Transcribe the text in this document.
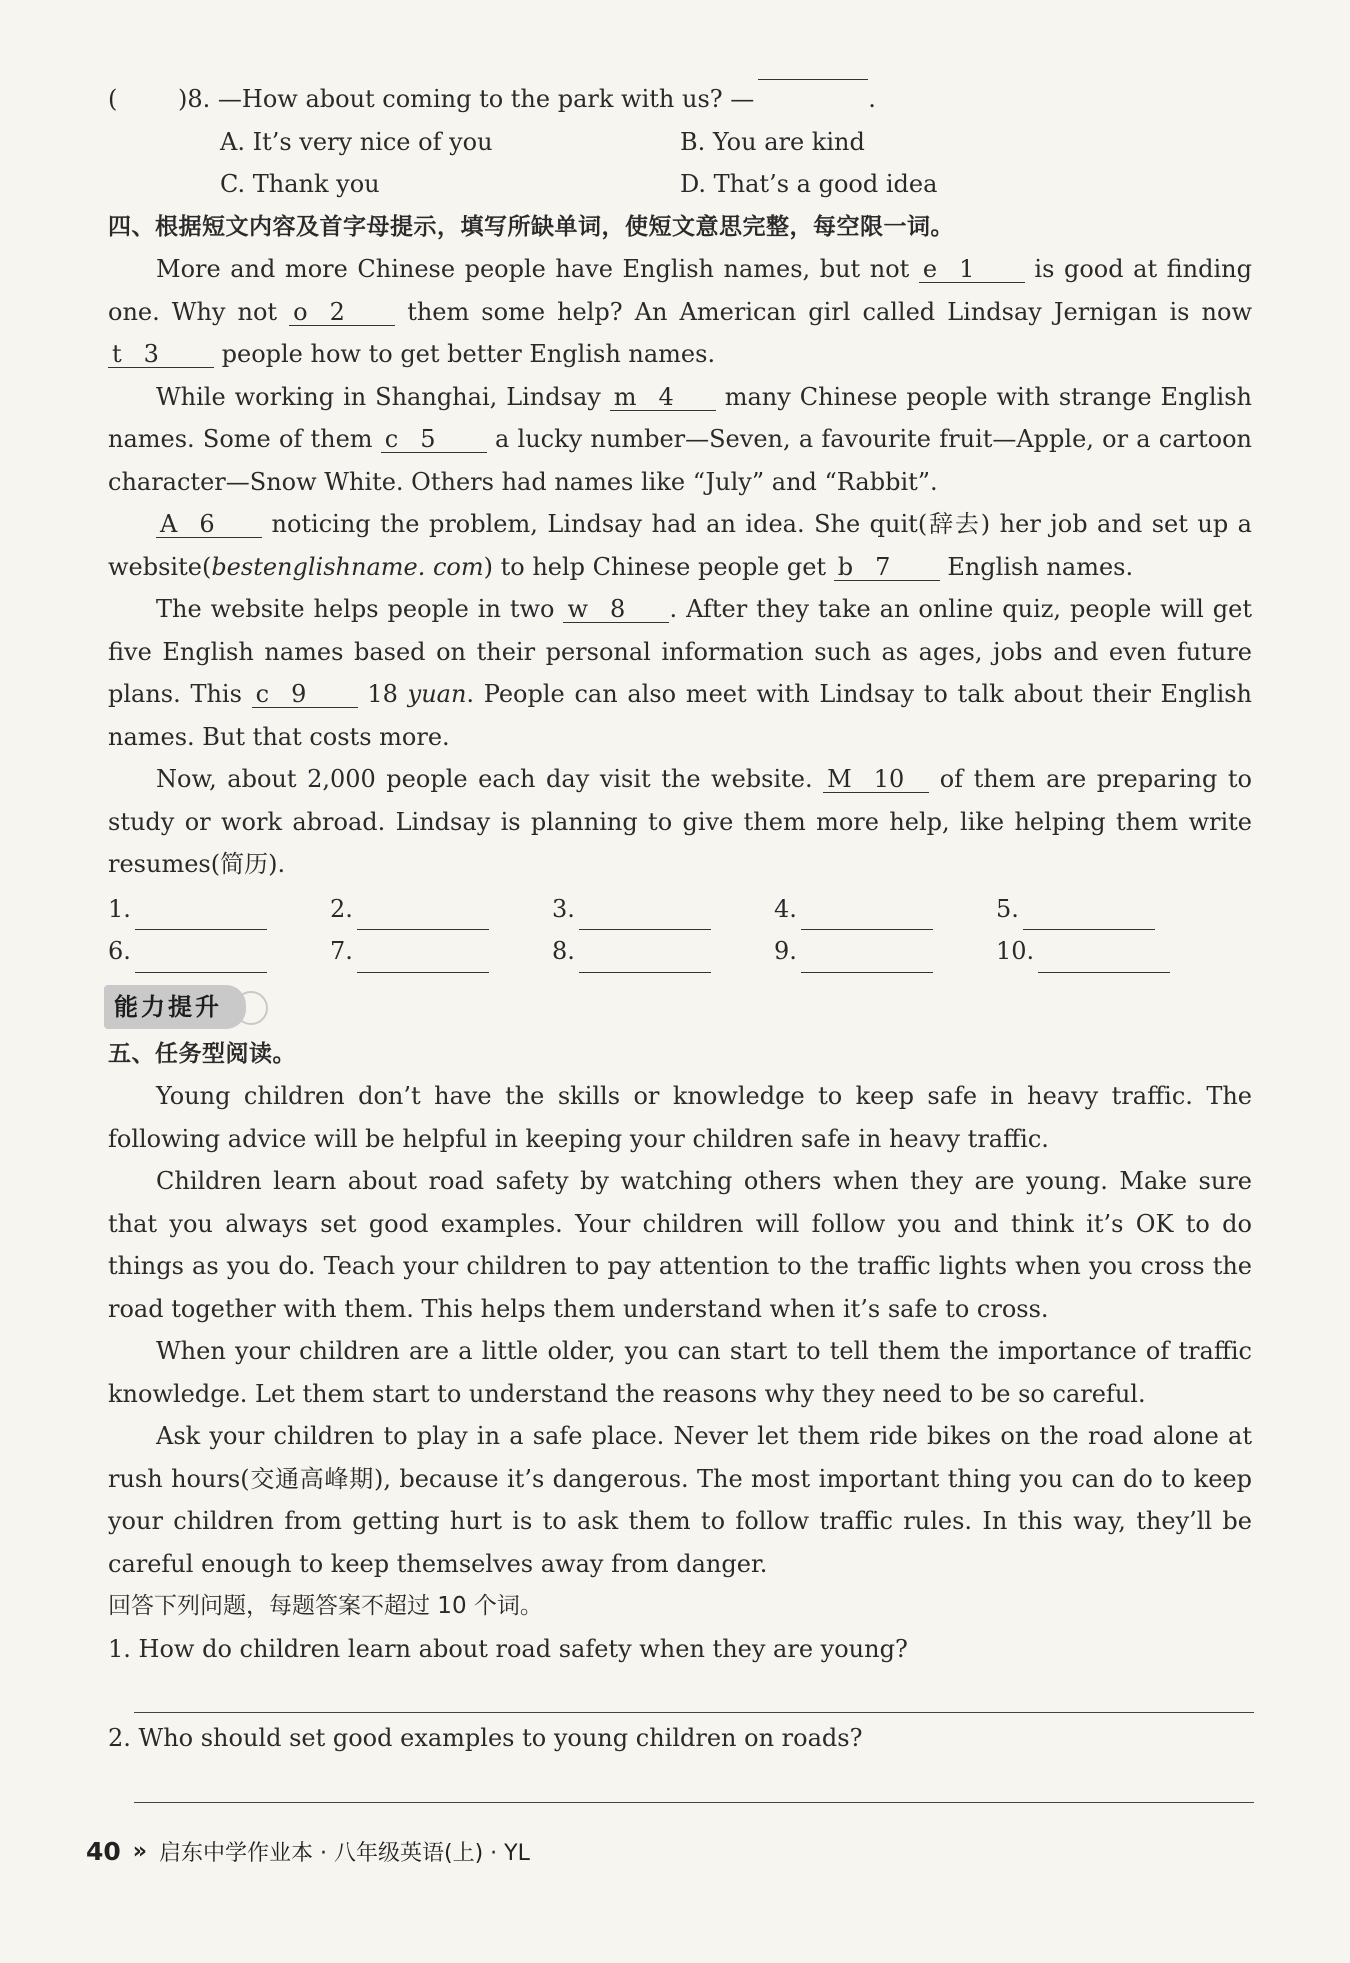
(	)8. —How about coming to the park with us? —	.
A. It’s very nice of you	B. You are kind
C. Thank you	D. That’s a good idea
四、根据短文内容及首字母提示，填写所缺单词，使短文意思完整，每空限一词。

More and more Chinese people have English names, but not e 1 is good at finding one. Why not o 2 them some help? An American girl called Lindsay Jernigan is now t 3 people how to get better English names.

While working in Shanghai, Lindsay m 4 many Chinese people with strange English names. Some of them c 5 a lucky number—Seven, a favourite fruit—Apple, or a cartoon character—Snow White. Others had names like “July” and “Rabbit”.

A 6 noticing the problem, Lindsay had an idea. She quit(辞去) her job and set up a website(bestenglishname. com) to help Chinese people get b 7 English names.

The website helps people in two w 8 . After they take an online quiz, people will get five English names based on their personal information such as ages, jobs and even future plans. This c 9 18 yuan. People can also meet with Lindsay to talk about their English names. But that costs more.

Now, about 2,000 people each day visit the website. M 10 of them are preparing to study or work abroad. Lindsay is planning to give them more help, like helping them write resumes(简历).

1.	2.	3.	4.	5.
6.	7.	8.	9.	10.
能力提升
五、任务型阅读。

Young children don’t have the skills or knowledge to keep safe in heavy traffic. The following advice will be helpful in keeping your children safe in heavy traffic.

Children learn about road safety by watching others when they are young. Make sure that you always set good examples. Your children will follow you and think it’s OK to do things as you do. Teach your children to pay attention to the traffic lights when you cross the road together with them. This helps them understand when it’s safe to cross.

When your children are a little older, you can start to tell them the importance of traffic knowledge. Let them start to understand the reasons why they need to be so careful.

Ask your children to play in a safe place. Never let them ride bikes on the road alone at rush hours(交通高峰期), because it’s dangerous. The most important thing you can do to keep your children from getting hurt is to ask them to follow traffic rules. In this way, they’ll be careful enough to keep themselves away from danger.

回答下列问题，每题答案不超过 10 个词。
1. How do children learn about road safety when they are young?
2. Who should set good examples to young children on roads?
40 » 启东中学作业本 · 八年级英语(上) · YL
